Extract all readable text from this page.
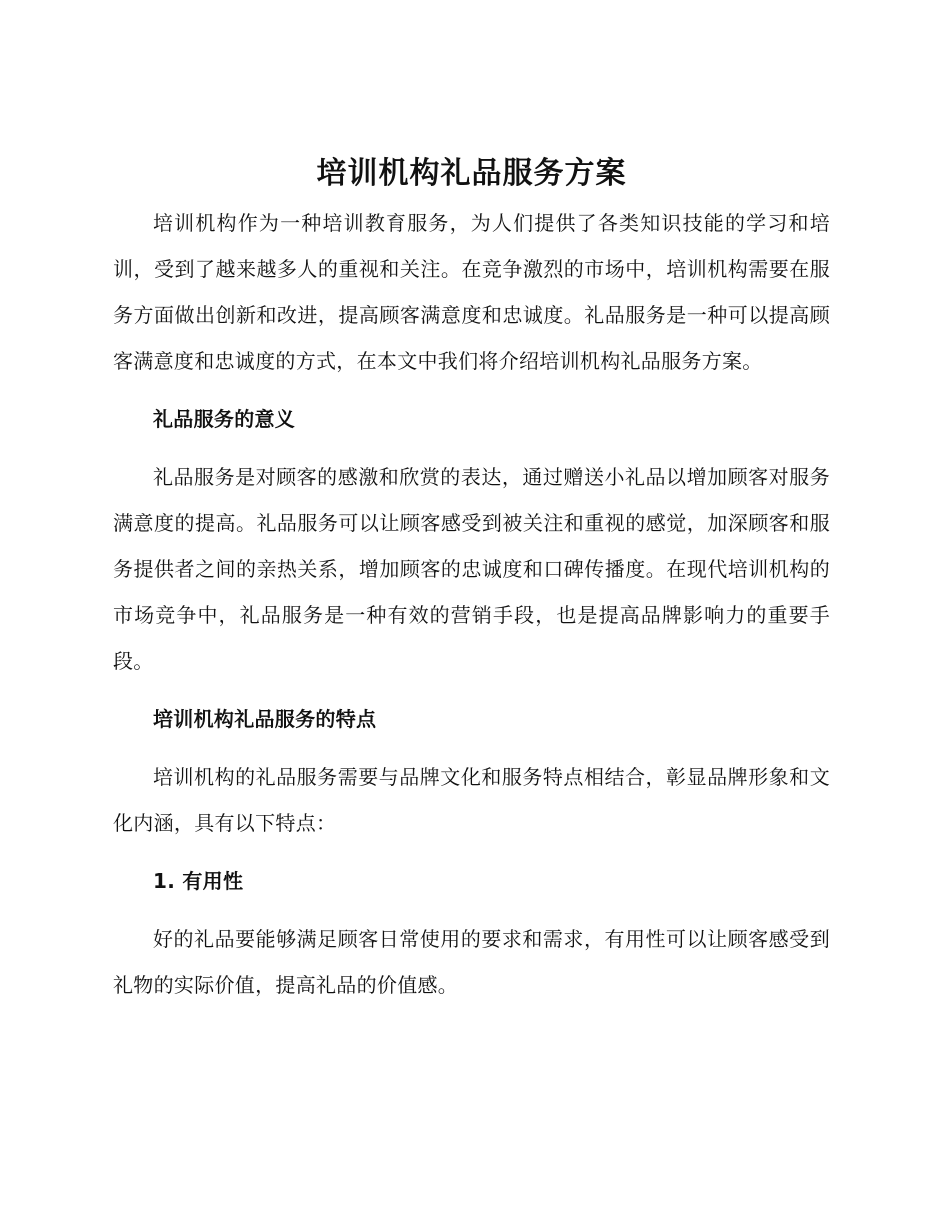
培训机构礼品服务方案

培训机构作为一种培训教育服务，为人们提供了各类知识技能的学习和培训，受到了越来越多人的重视和关注。在竞争激烈的市场中，培训机构需要在服务方面做出创新和改进，提高顾客满意度和忠诚度。礼品服务是一种可以提高顾客满意度和忠诚度的方式，在本文中我们将介绍培训机构礼品服务方案。

礼品服务的意义

礼品服务是对顾客的感激和欣赏的表达，通过赠送小礼品以增加顾客对服务满意度的提高。礼品服务可以让顾客感受到被关注和重视的感觉，加深顾客和服务提供者之间的亲热关系，增加顾客的忠诚度和口碑传播度。在现代培训机构的市场竞争中，礼品服务是一种有效的营销手段，也是提高品牌影响力的重要手段。

培训机构礼品服务的特点

培训机构的礼品服务需要与品牌文化和服务特点相结合，彰显品牌形象和文化内涵，具有以下特点：

1. 有用性

好的礼品要能够满足顾客日常使用的要求和需求，有用性可以让顾客感受到礼物的实际价值，提高礼品的价值感。
